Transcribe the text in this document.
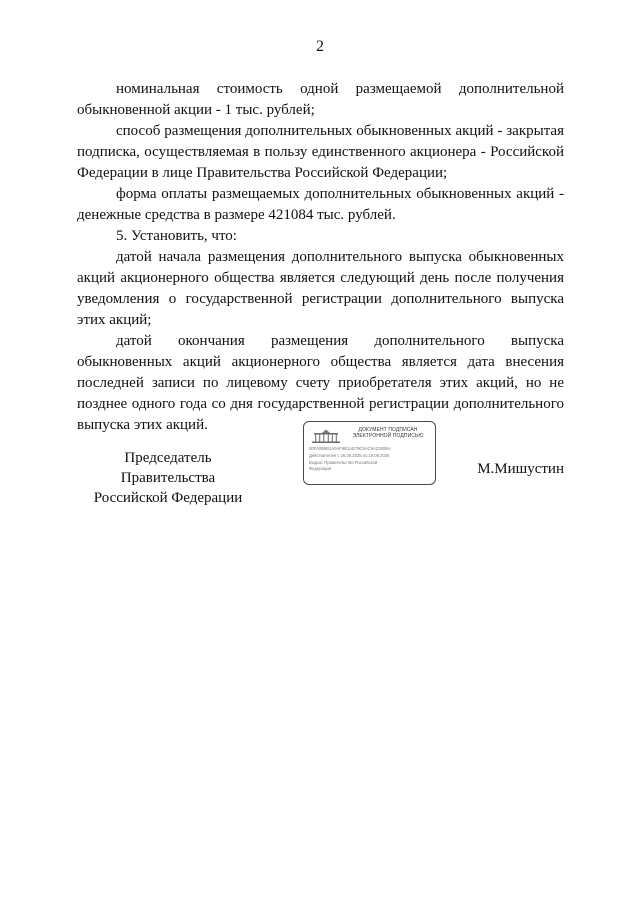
2

номинальная стоимость одной размещаемой дополнительной обыкновенной акции - 1 тыс. рублей;

способ размещения дополнительных обыкновенных акций - закрытая подписка, осуществляемая в пользу единственного акционера - Российской Федерации в лице Правительства Российской Федерации;

форма оплаты размещаемых дополнительных обыкновенных акций - денежные средства в размере 421084 тыс. рублей.

5. Установить, что:

датой начала размещения дополнительного выпуска обыкновенных акций акционерного общества является следующий день после получения уведомления о государственной регистрации дополнительного выпуска этих акций;

датой окончания размещения дополнительного выпуска обыкновенных акций акционерного общества является дата внесения последней записи по лицевому счету приобретателя этих акций, но не позднее одного года со дня государственной регистрации дополнительного выпуска этих акций.

Председатель Правительства
Российской Федерации
ДОКУМЕНТ ПОДПИСАН
ЭЛЕКТРОННОЙ ПОДПИСЬЮ
00FA0B6B1A0AF9B1AE79C8AC9A2280BA
Действителен с 26.06.2025 по 19.09.2026
Выдан: Правительство Российской
Федерации	М.Мишустин
